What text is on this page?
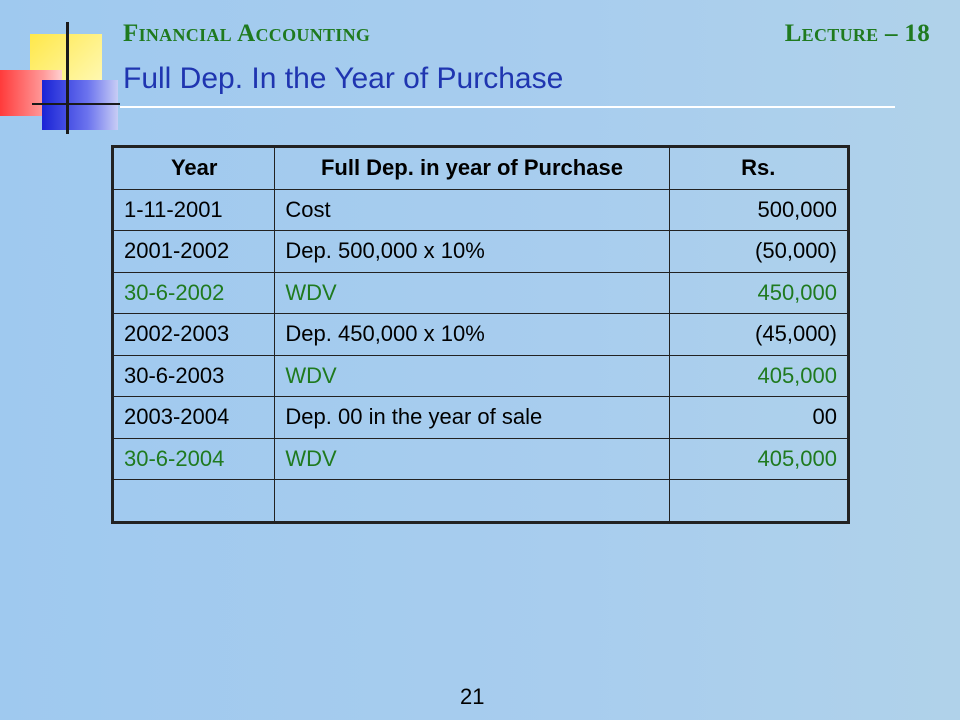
Financial Accounting	Lecture – 18
Full Dep. In the Year of Purchase
Year	Full Dep. in year of Purchase	Rs.
1-11-2001	Cost	500,000
2001-2002	Dep. 500,000 x 10%	(50,000)
30-6-2002	WDV	450,000
2002-2003	Dep. 450,000 x 10%	(45,000)
30-6-2003	WDV	405,000
2003-2004	Dep. 00 in the year of sale	00
30-6-2004	WDV	405,000

21
